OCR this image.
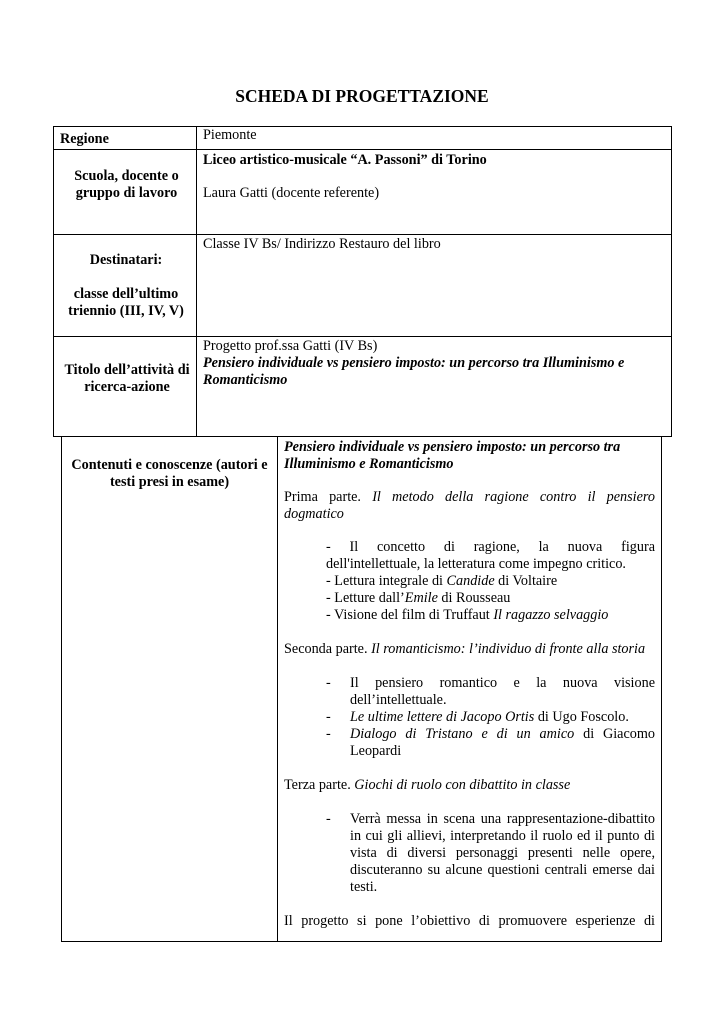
SCHEDA DI PROGETTAZIONE
Regione	Piemonte
Scuola, docente o gruppo di lavoro
Liceo artistico-musicale “A. Passoni” di Torino
Laura Gatti (docente referente)
Destinatari:
classe dell’ultimo triennio (III, IV, V)
Classe IV Bs/ Indirizzo Restauro del libro
Titolo dell’attività di ricerca-azione
Progetto prof.ssa Gatti (IV Bs)
Pensiero individuale vs pensiero imposto: un percorso tra Illuminismo e Romanticismo
Contenuti e conoscenze (autori e testi presi in esame)

Pensiero individuale vs pensiero imposto: un percorso tra Illuminismo e Romanticismo

Prima parte. Il metodo della ragione contro il pensiero dogmatico

- Il concetto di ragione, la nuova figura

dell'intellettuale, la letteratura come impegno critico.

- Lettura integrale di Candide di Voltaire

- Letture dall’Emile di Rousseau

- Visione del film di Truffaut Il ragazzo selvaggio

Seconda parte. Il romanticismo: l’individuo di fronte alla storia

- Il pensiero romantico e la nuova visione dell’intellettuale.
- Le ultime lettere di Jacopo Ortis di Ugo Foscolo.
- Dialogo di Tristano e di un amico di Giacomo Leopardi

Terza parte. Giochi di ruolo con dibattito in classe

- Verrà messa in scena una rappresentazione-dibattito in cui gli allievi, interpretando il ruolo ed il punto di vista di diversi personaggi presenti nelle opere, discuteranno su alcune questioni centrali emerse dai testi.

Il progetto si pone l’obiettivo di promuovere esperienze di
